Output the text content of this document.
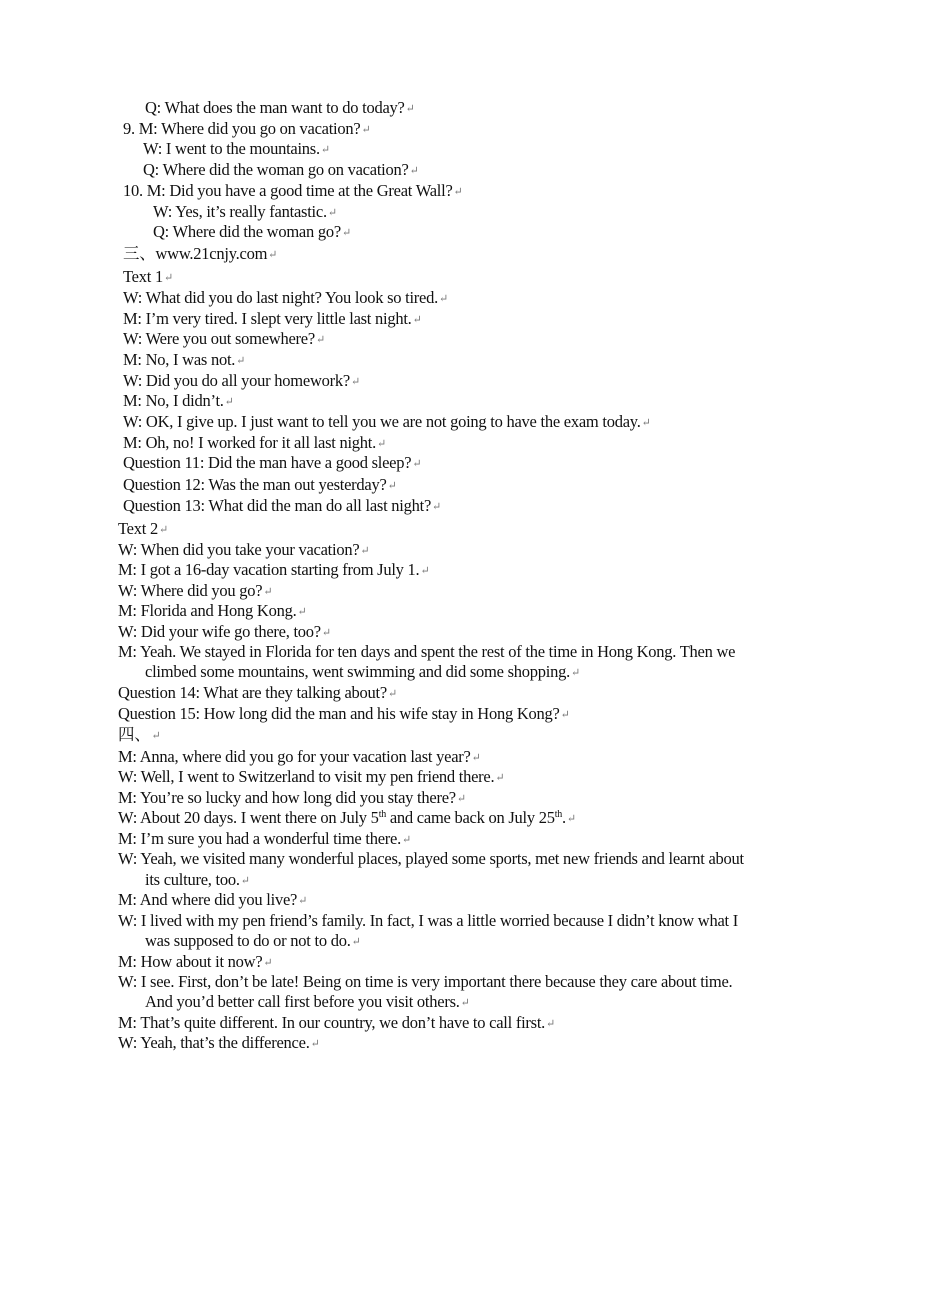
Q: What does the man want to do today?↵
9. M: Where did you go on vacation?↵
W: I went to the mountains.↵
Q: Where did the woman go on vacation?↵
10. M: Did you have a good time at the Great Wall?↵
W: Yes, it’s really fantastic.↵
Q: Where did the woman go?↵
三、www.21cnjy.com↵
Text 1↵
W: What did you do last night? You look so tired.↵
M: I’m very tired. I slept very little last night.↵
W: Were you out somewhere?↵
M: No, I was not.↵
W: Did you do all your homework?↵
M: No, I didn’t.↵
W: OK, I give up. I just want to tell you we are not going to have the exam today.↵
M: Oh, no! I worked for it all last night.↵
Question 11: Did the man have a good sleep?↵
Question 12: Was the man out yesterday?↵
Question 13: What did the man do all last night?↵
Text 2↵
W: When did you take your vacation?↵
M: I got a 16-day vacation starting from July 1.↵
W: Where did you go?↵
M: Florida and Hong Kong.↵
W: Did your wife go there, too?↵
M: Yeah. We stayed in Florida for ten days and spent the rest of the time in Hong Kong. Then we
climbed some mountains, went swimming and did some shopping.↵
Question 14: What are they talking about?↵
Question 15: How long did the man and his wife stay in Hong Kong?↵
四、↵
M: Anna, where did you go for your vacation last year?↵
W: Well, I went to Switzerland to visit my pen friend there.↵
M: You’re so lucky and how long did you stay there?↵
W: About 20 days. I went there on July 5th and came back on July 25th.↵
M: I’m sure you had a wonderful time there.↵
W: Yeah, we visited many wonderful places, played some sports, met new friends and learnt about
its culture, too.↵
M: And where did you live?↵
W: I lived with my pen friend’s family. In fact, I was a little worried because I didn’t know what I
was supposed to do or not to do.↵
M: How about it now?↵
W: I see. First, don’t be late! Being on time is very important there because they care about time.
And you’d better call first before you visit others.↵
M: That’s quite different. In our country, we don’t have to call first.↵
W: Yeah, that’s the difference.↵
